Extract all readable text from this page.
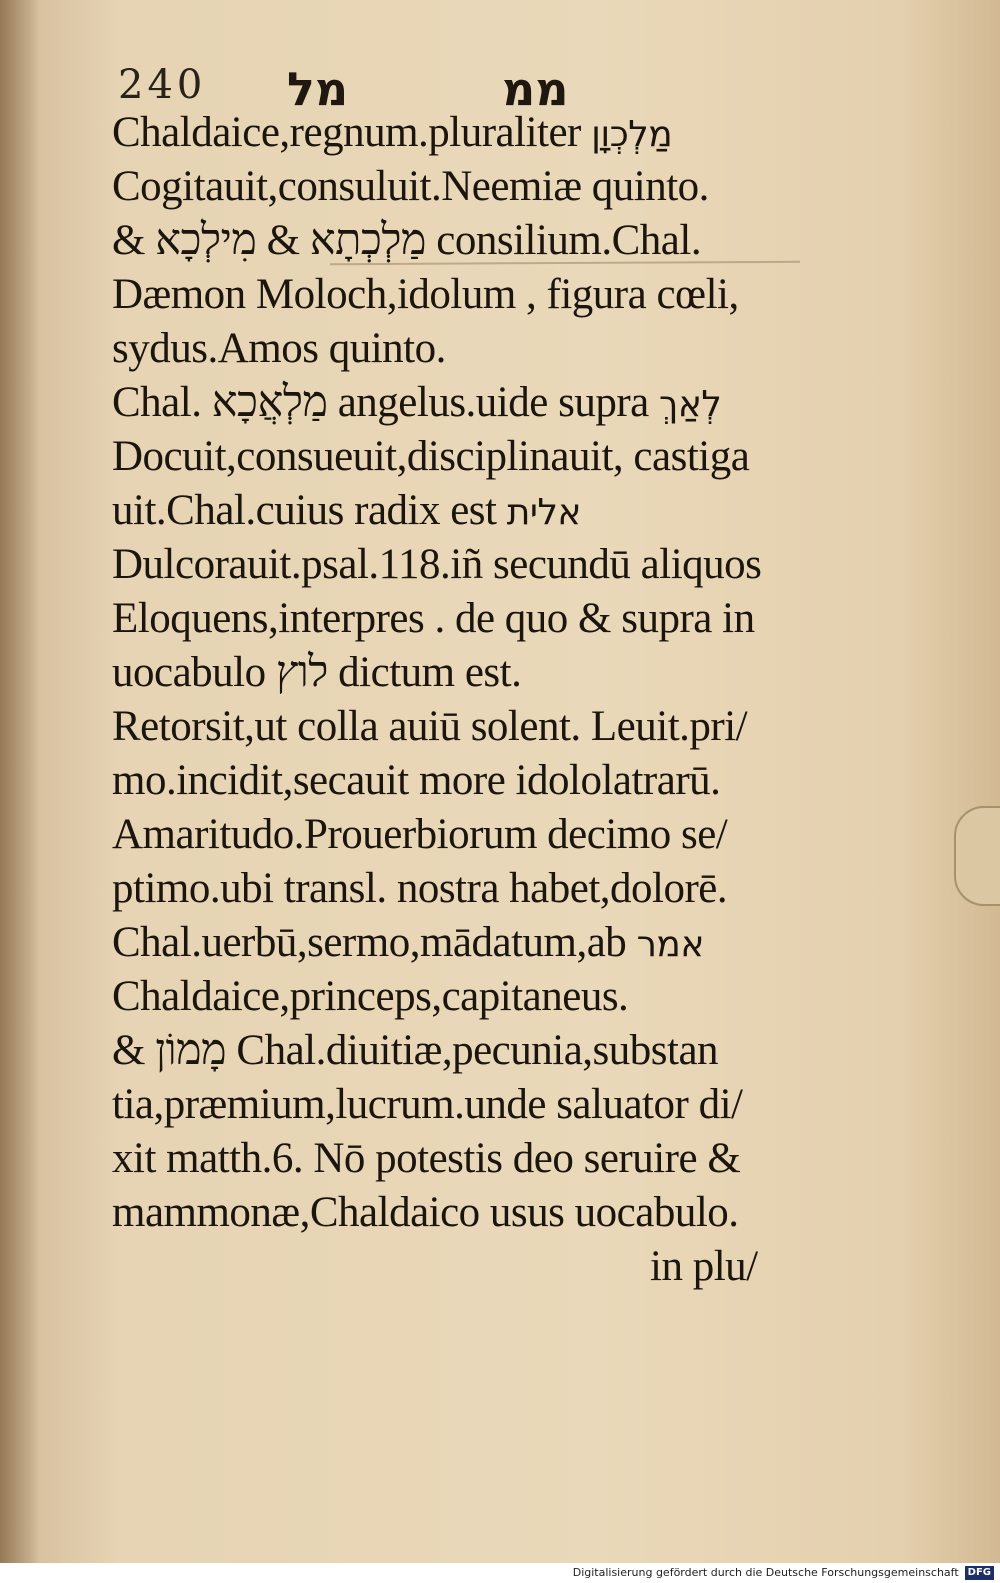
240 מל	ממ
Chaldaice,regnum.pluraliter מַלְכְוָן
Cogitauit,consuluit.Neemiæ quinto.
& מַלְכְתָא & מִילְכָא consilium.Chal.
Dæmon Moloch,idolum , figura cœli,
sydus.Amos quinto.
Chal. מַלְאֲכָא angelus.uide supra לְאַךְ
Docuit,consueuit,disciplinauit, castiga
uit.Chal.cuius radix est אלית
Dulcorauit.psal.118.iñ secundū aliquos
Eloquens,interpres . de quo & supra in
uocabulo לוץ dictum est.
Retorsit,ut colla auiū solent. Leuit.pri/
mo.incidit,secauit more idololatrarū.
Amaritudo.Prouerbiorum decimo se/
ptimo.ubi transl. nostra habet,dolorē.
Chal.uerbū,sermo,mādatum,ab אמר
Chaldaice,princeps,capitaneus.
& מָמוֹן Chal.diuitiæ,pecunia,substan
tia,præmium,lucrum.unde saluator di/
xit matth.6. Nō potestis deo seruire &
mammonæ,Chaldaico usus uocabulo.
in plu/
Digitalisierung gefördert durch die Deutsche Forschungsgemeinschaft DFG
